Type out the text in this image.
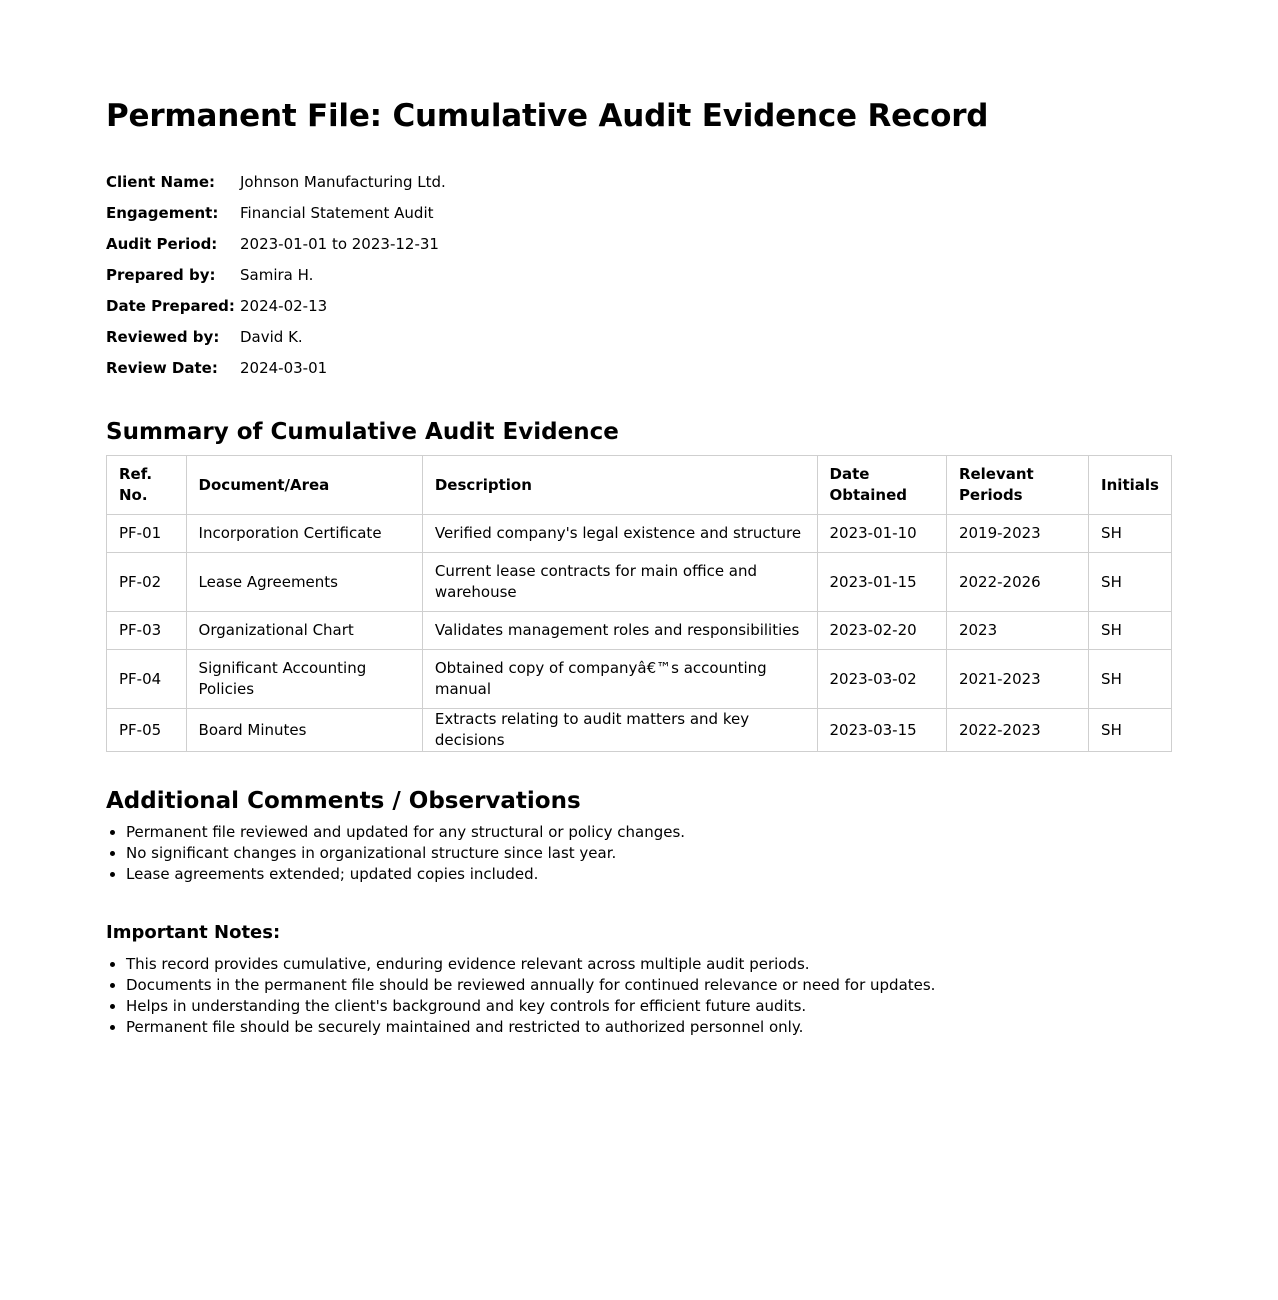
Permanent File: Cumulative Audit Evidence Record
Client Name:	Johnson Manufacturing Ltd.
Engagement:	Financial Statement Audit
Audit Period:	2023-01-01 to 2023-12-31
Prepared by:	Samira H.
Date Prepared:	2024-02-13
Reviewed by:	David K.
Review Date:	2024-03-01
Summary of Cumulative Audit Evidence
Ref. No.	Document/Area	Description	Date Obtained	Relevant Periods	Initials
PF-01	Incorporation Certificate	Verified company's legal existence and structure	2023-01-10	2019-2023	SH
PF-02	Lease Agreements	Current lease contracts for main office and warehouse	2023-01-15	2022-2026	SH
PF-03	Organizational Chart	Validates management roles and responsibilities	2023-02-20	2023	SH
PF-04	Significant Accounting Policies	Obtained copy of companyâ€™s accounting manual	2023-03-02	2021-2023	SH
PF-05	Board Minutes	Extracts relating to audit matters and key decisions	2023-03-15	2022-2023	SH
Additional Comments / Observations
• Permanent file reviewed and updated for any structural or policy changes.
• No significant changes in organizational structure since last year.
• Lease agreements extended; updated copies included.
Important Notes:
• This record provides cumulative, enduring evidence relevant across multiple audit periods.
• Documents in the permanent file should be reviewed annually for continued relevance or need for updates.
• Helps in understanding the client's background and key controls for efficient future audits.
• Permanent file should be securely maintained and restricted to authorized personnel only.
